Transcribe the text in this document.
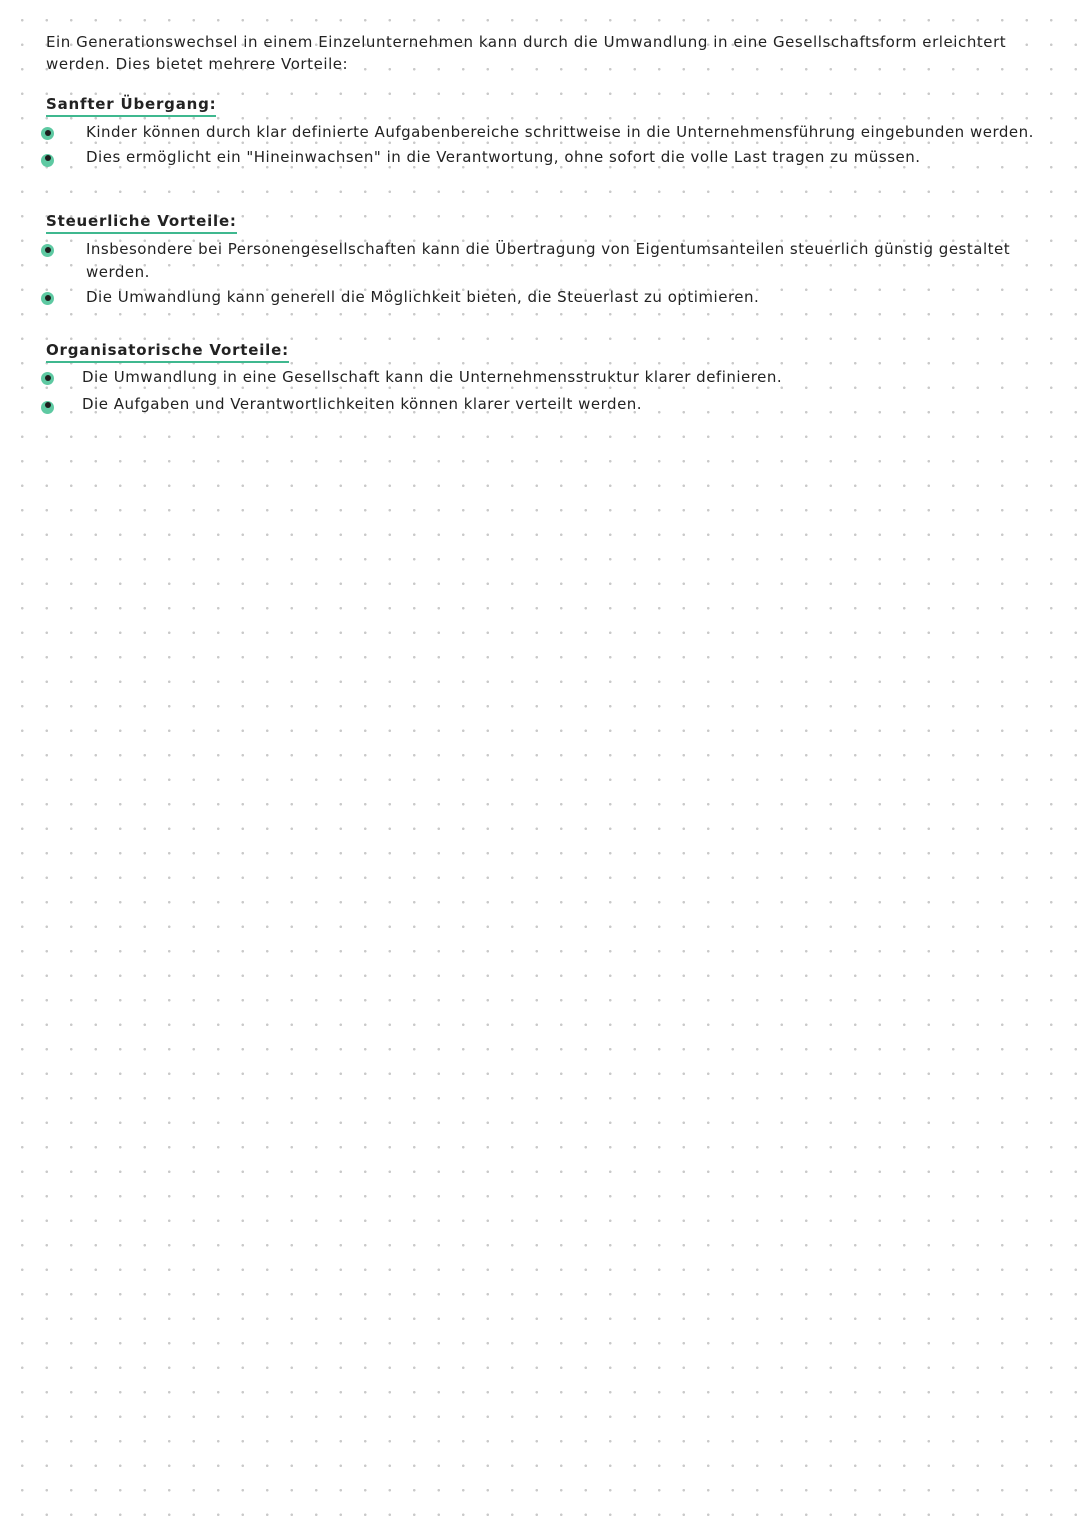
Ein Generationswechsel in einem Einzelunternehmen kann durch die Umwandlung in eine Gesellschaftsform erleichtert werden. Dies bietet mehrere Vorteile:

Sanfter Übergang:
Kinder können durch klar definierte Aufgabenbereiche schrittweise in die Unternehmensführung eingebunden werden.
Dies ermöglicht ein "Hineinwachsen" in die Verantwortung, ohne sofort die volle Last tragen zu müssen.
Steuerliche Vorteile:
Insbesondere bei Personengesellschaften kann die Übertragung von Eigentumsanteilen steuerlich günstig gestaltet werden.
Die Umwandlung kann generell die Möglichkeit bieten, die Steuerlast zu optimieren.
Organisatorische Vorteile:
Die Umwandlung in eine Gesellschaft kann die Unternehmensstruktur klarer definieren.
Die Aufgaben und Verantwortlichkeiten können klarer verteilt werden.
